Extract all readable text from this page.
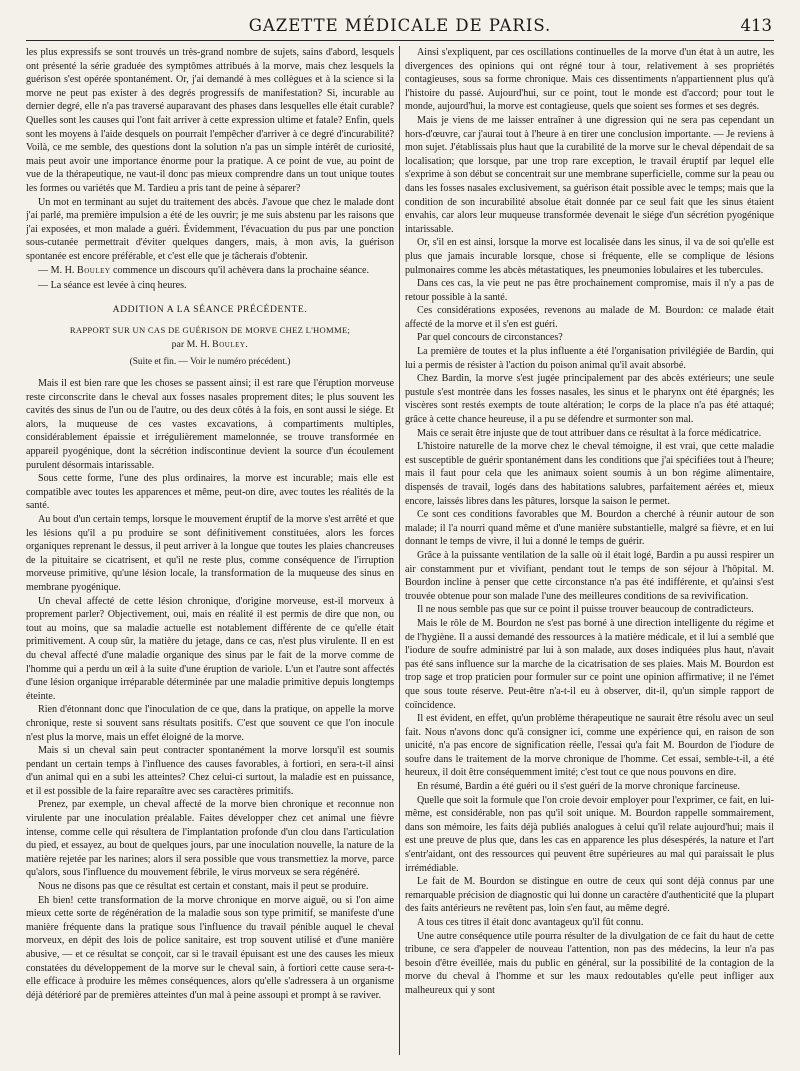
GAZETTE MÉDICALE DE PARIS.	413

les plus expressifs se sont trouvés un très-grand nombre de sujets, sains d'abord, lesquels ont présenté la série graduée des symptômes attribués à la morve, mais chez lesquels la guérison s'est opérée spontanément. Or, j'ai demandé à mes collègues et à la science si la morve ne peut pas exister à des degrés progressifs de manifestation? Si, incurable au dernier degré, elle n'a pas traversé auparavant des phases dans lesquelles elle était curable? Quelles sont les causes qui l'ont fait arriver à cette expression ultime et fatale? Enfin, quels sont les moyens à l'aide desquels on pourrait l'empêcher d'arriver à ce degré d'incurabilité? Voilà, ce me semble, des questions dont la solution n'a pas un simple intérêt de curiosité, mais peut avoir une importance énorme pour la pratique. A ce point de vue, au point de vue de la thérapeutique, ne vaut-il donc pas mieux comprendre dans un tout unique toutes les formes ou variétés que M. Tardieu a pris tant de peine à séparer?

Un mot en terminant au sujet du traitement des abcès. J'avoue que chez le malade dont j'ai parlé, ma première impulsion a été de les ouvrir; je me suis abstenu par les raisons que j'ai exposées, et mon malade a guéri. Évidemment, l'évacuation du pus par une ponction sous-cutanée permettrait d'éviter quelques dangers, mais, à mon avis, la guérison spontanée est encore préférable, et c'est elle que je tâcherais d'obtenir.

— M. H. Bouley commence un discours qu'il achèvera dans la prochaine séance.

— La séance est levée à cinq heures.

ADDITION A LA SÉANCE PRÉCÉDENTE.

RAPPORT SUR UN CAS DE GUÉRISON DE MORVE CHEZ L'HOMME;

par M. H. Bouley.

(Suite et fin. — Voir le numéro précédent.)

Mais il est bien rare que les choses se passent ainsi; il est rare que l'éruption morveuse reste circonscrite dans le cheval aux fosses nasales proprement dites; le plus souvent les cavités des sinus de l'un ou de l'autre, ou des deux côtés à la fois, en sont aussi le siége. Et alors, la muqueuse de ces vastes excavations, à compartiments multiples, considérablement épaissie et irrégulièrement mamelonnée, se trouve transformée en appareil pyogénique, dont la sécrétion indiscontinue devient la source d'un écoulement purulent désormais intarissable.

Sous cette forme, l'une des plus ordinaires, la morve est incurable; mais elle est compatible avec toutes les apparences et même, peut-on dire, avec toutes les réalités de la santé.

Au bout d'un certain temps, lorsque le mouvement éruptif de la morve s'est arrêté et que les lésions qu'il a pu produire se sont définitivement constituées, alors les forces organiques reprenant le dessus, il peut arriver à la longue que toutes les plaies chancreuses de la pituitaire se cicatrisent, et qu'il ne reste plus, comme conséquence de l'irruption morveuse primitive, qu'une lésion locale, la transformation de la muqueuse des sinus en membrane pyogénique.

Un cheval affecté de cette lésion chronique, d'origine morveuse, est-il morveux à proprement parler? Objectivement, oui, mais en réalité il est permis de dire que non, ou tout au moins, que sa maladie actuelle est notablement différente de ce qu'elle était primitivement. A coup sûr, la matière du jetage, dans ce cas, n'est plus virulente. Il en est du cheval affecté d'une maladie organique des sinus par le fait de la morve comme de l'homme qui a perdu un œil à la suite d'une éruption de variole. L'un et l'autre sont affectés d'une lésion organique irréparable déterminée par une maladie primitive depuis longtemps éteinte.

Rien d'étonnant donc que l'inoculation de ce que, dans la pratique, on appelle la morve chronique, reste si souvent sans résultats positifs. C'est que souvent ce que l'on inocule n'est plus la morve, mais un effet éloigné de la morve.

Mais si un cheval sain peut contracter spontanément la morve lorsqu'il est soumis pendant un certain temps à l'influence des causes favorables, à fortiori, en sera-t-il ainsi d'un animal qui en a subi les atteintes? Chez celui-ci surtout, la maladie est en puissance, et il est possible de la faire reparaître avec ses caractères primitifs.

Prenez, par exemple, un cheval affecté de la morve bien chronique et reconnue non virulente par une inoculation préalable. Faites développer chez cet animal une fièvre intense, comme celle qui résultera de l'implantation profonde d'un clou dans l'articulation du pied, et essayez, au bout de quelques jours, par une inoculation nouvelle, la nature de la matière rejetée par les narines; alors il sera possible que vous transmettiez la morve, parce qu'alors, sous l'influence du mouvement fébrile, le virus morveux se sera régénéré.

Nous ne disons pas que ce résultat est certain et constant, mais il peut se produire.

Eh bien! cette transformation de la morve chronique en morve aiguë, ou si l'on aime mieux cette sorte de régénération de la maladie sous son type primitif, se manifeste d'une manière fréquente dans la pratique sous l'influence du travail pénible auquel le cheval morveux, en dépit des lois de police sanitaire, est trop souvent utilisé et d'une manière abusive, — et ce résultat se conçoit, car si le travail épuisant est une des causes les mieux constatées du développement de la morve sur le cheval sain, à fortiori cette cause sera-t-elle efficace à produire les mêmes conséquences, alors qu'elle s'adressera à un organisme déjà détérioré par de premières atteintes d'un mal à peine assoupi et prompt à se raviver.

Ainsi s'expliquent, par ces oscillations continuelles de la morve d'un état à un autre, les divergences des opinions qui ont régné tour à tour, relativement à ses propriétés contagieuses, sous sa forme chronique. Mais ces dissentiments n'appartiennent plus qu'à l'histoire du passé. Aujourd'hui, sur ce point, tout le monde est d'accord; pour tout le monde, aujourd'hui, la morve est contagieuse, quels que soient ses formes et ses degrés.

Mais je viens de me laisser entraîner à une digression qui ne sera pas cependant un hors-d'œuvre, car j'aurai tout à l'heure à en tirer une conclusion importante. — Je reviens à mon sujet. J'établissais plus haut que la curabilité de la morve sur le cheval dépendait de sa localisation; que lorsque, par une trop rare exception, le travail éruptif par lequel elle s'exprime à son début se concentrait sur une membrane superficielle, comme sur la peau ou dans les fosses nasales exclusivement, sa guérison était possible avec le temps; mais que la condition de son incurabilité absolue était donnée par ce seul fait que les sinus étaient envahis, car alors leur muqueuse transformée devenait le siége d'un sécrétion pyogénique intarissable.

Or, s'il en est ainsi, lorsque la morve est localisée dans les sinus, il va de soi qu'elle est plus que jamais incurable lorsque, chose si fréquente, elle se complique de lésions pulmonaires comme les abcès métastatiques, les pneumonies lobulaires et les tubercules.

Dans ces cas, la vie peut ne pas être prochainement compromise, mais il n'y a pas de retour possible à la santé.

Ces considérations exposées, revenons au malade de M. Bourdon: ce malade était affecté de la morve et il s'en est guéri.

Par quel concours de circonstances?

La première de toutes et la plus influente a été l'organisation privilégiée de Bardin, qui lui a permis de résister à l'action du poison animal qu'il avait absorbé.

Chez Bardin, la morve s'est jugée principalement par des abcès extérieurs; une seule pustule s'est montrée dans les fosses nasales, les sinus et le pharynx ont été épargnés; les viscères sont restés exempts de toute altération; le corps de la place n'a pas été attaqué; grâce à cette chance heureuse, il a pu se défendre et surmonter son mal.

Mais ce serait être injuste que de tout attribuer dans ce résultat à la force médicatrice.

L'histoire naturelle de la morve chez le cheval témoigne, il est vrai, que cette maladie est susceptible de guérir spontanément dans les conditions que j'ai spécifiées tout à l'heure; mais il faut pour cela que les animaux soient soumis à un bon régime alimentaire, dispensés de travail, logés dans des habitations salubres, parfaitement aérées et, mieux encore, laissés libres dans les pâtures, lorsque la saison le permet.

Ce sont ces conditions favorables que M. Bourdon a cherché à réunir autour de son malade; il l'a nourri quand même et d'une manière substantielle, malgré sa fièvre, et en lui donnant le temps de vivre, il lui a donné le temps de guérir.

Grâce à la puissante ventilation de la salle où il était logé, Bardin a pu aussi respirer un air constamment pur et vivifiant, pendant tout le temps de son séjour à l'hôpital. M. Bourdon incline à penser que cette circonstance n'a pas été indifférente, et qu'ainsi s'est trouvée obtenue pour son malade l'une des meilleures conditions de sa revivification.

Il ne nous semble pas que sur ce point il puisse trouver beaucoup de contradicteurs.

Mais le rôle de M. Bourdon ne s'est pas borné à une direction intelligente du régime et de l'hygiène. Il a aussi demandé des ressources à la matière médicale, et il lui a semblé que l'iodure de soufre administré par lui à son malade, aux doses indiquées plus haut, n'avait pas été sans influence sur la marche de la cicatrisation de ses plaies. Mais M. Bourdon est trop sage et trop praticien pour formuler sur ce point une opinion affirmative; il ne l'émet que sous toute réserve. Peut-être n'a-t-il eu à observer, dit-il, qu'un simple rapport de coïncidence.

Il est évident, en effet, qu'un problème thérapeutique ne saurait être résolu avec un seul fait. Nous n'avons donc qu'à consigner ici, comme une expérience qui, en raison de son unicité, n'a pas encore de signification réelle, l'essai qu'a fait M. Bourdon de l'iodure de soufre dans le traitement de la morve chronique de l'homme. Cet essai, semble-t-il, a été heureux, il doit être conséquemment imité; c'est tout ce que nous pouvons en dire.

En résumé, Bardin a été guéri ou il s'est guéri de la morve chronique farcineuse.

Quelle que soit la formule que l'on croie devoir employer pour l'exprimer, ce fait, en lui-même, est considérable, non pas qu'il soit unique. M. Bourdon rappelle sommairement, dans son mémoire, les faits déjà publiés analogues à celui qu'il relate aujourd'hui; mais il est une preuve de plus que, dans les cas en apparence les plus désespérés, la nature et l'art s'entr'aidant, ont des ressources qui peuvent être supérieures au mal qui paraissait le plus irrémédiable.

Le fait de M. Bourdon se distingue en outre de ceux qui sont déjà connus par une remarquable précision de diagnostic qui lui donne un caractère d'authenticité que la plupart des faits antérieurs ne revêtent pas, loin s'en faut, au même degré.

A tous ces titres il était donc avantageux qu'il fût connu.

Une autre conséquence utile pourra résulter de la divulgation de ce fait du haut de cette tribune, ce sera d'appeler de nouveau l'attention, non pas des médecins, la leur n'a pas besoin d'être éveillée, mais du public en général, sur la possibilité de la contagion de la morve du cheval à l'homme et sur les maux redoutables qu'elle peut infliger aux malheureux qui y sont
